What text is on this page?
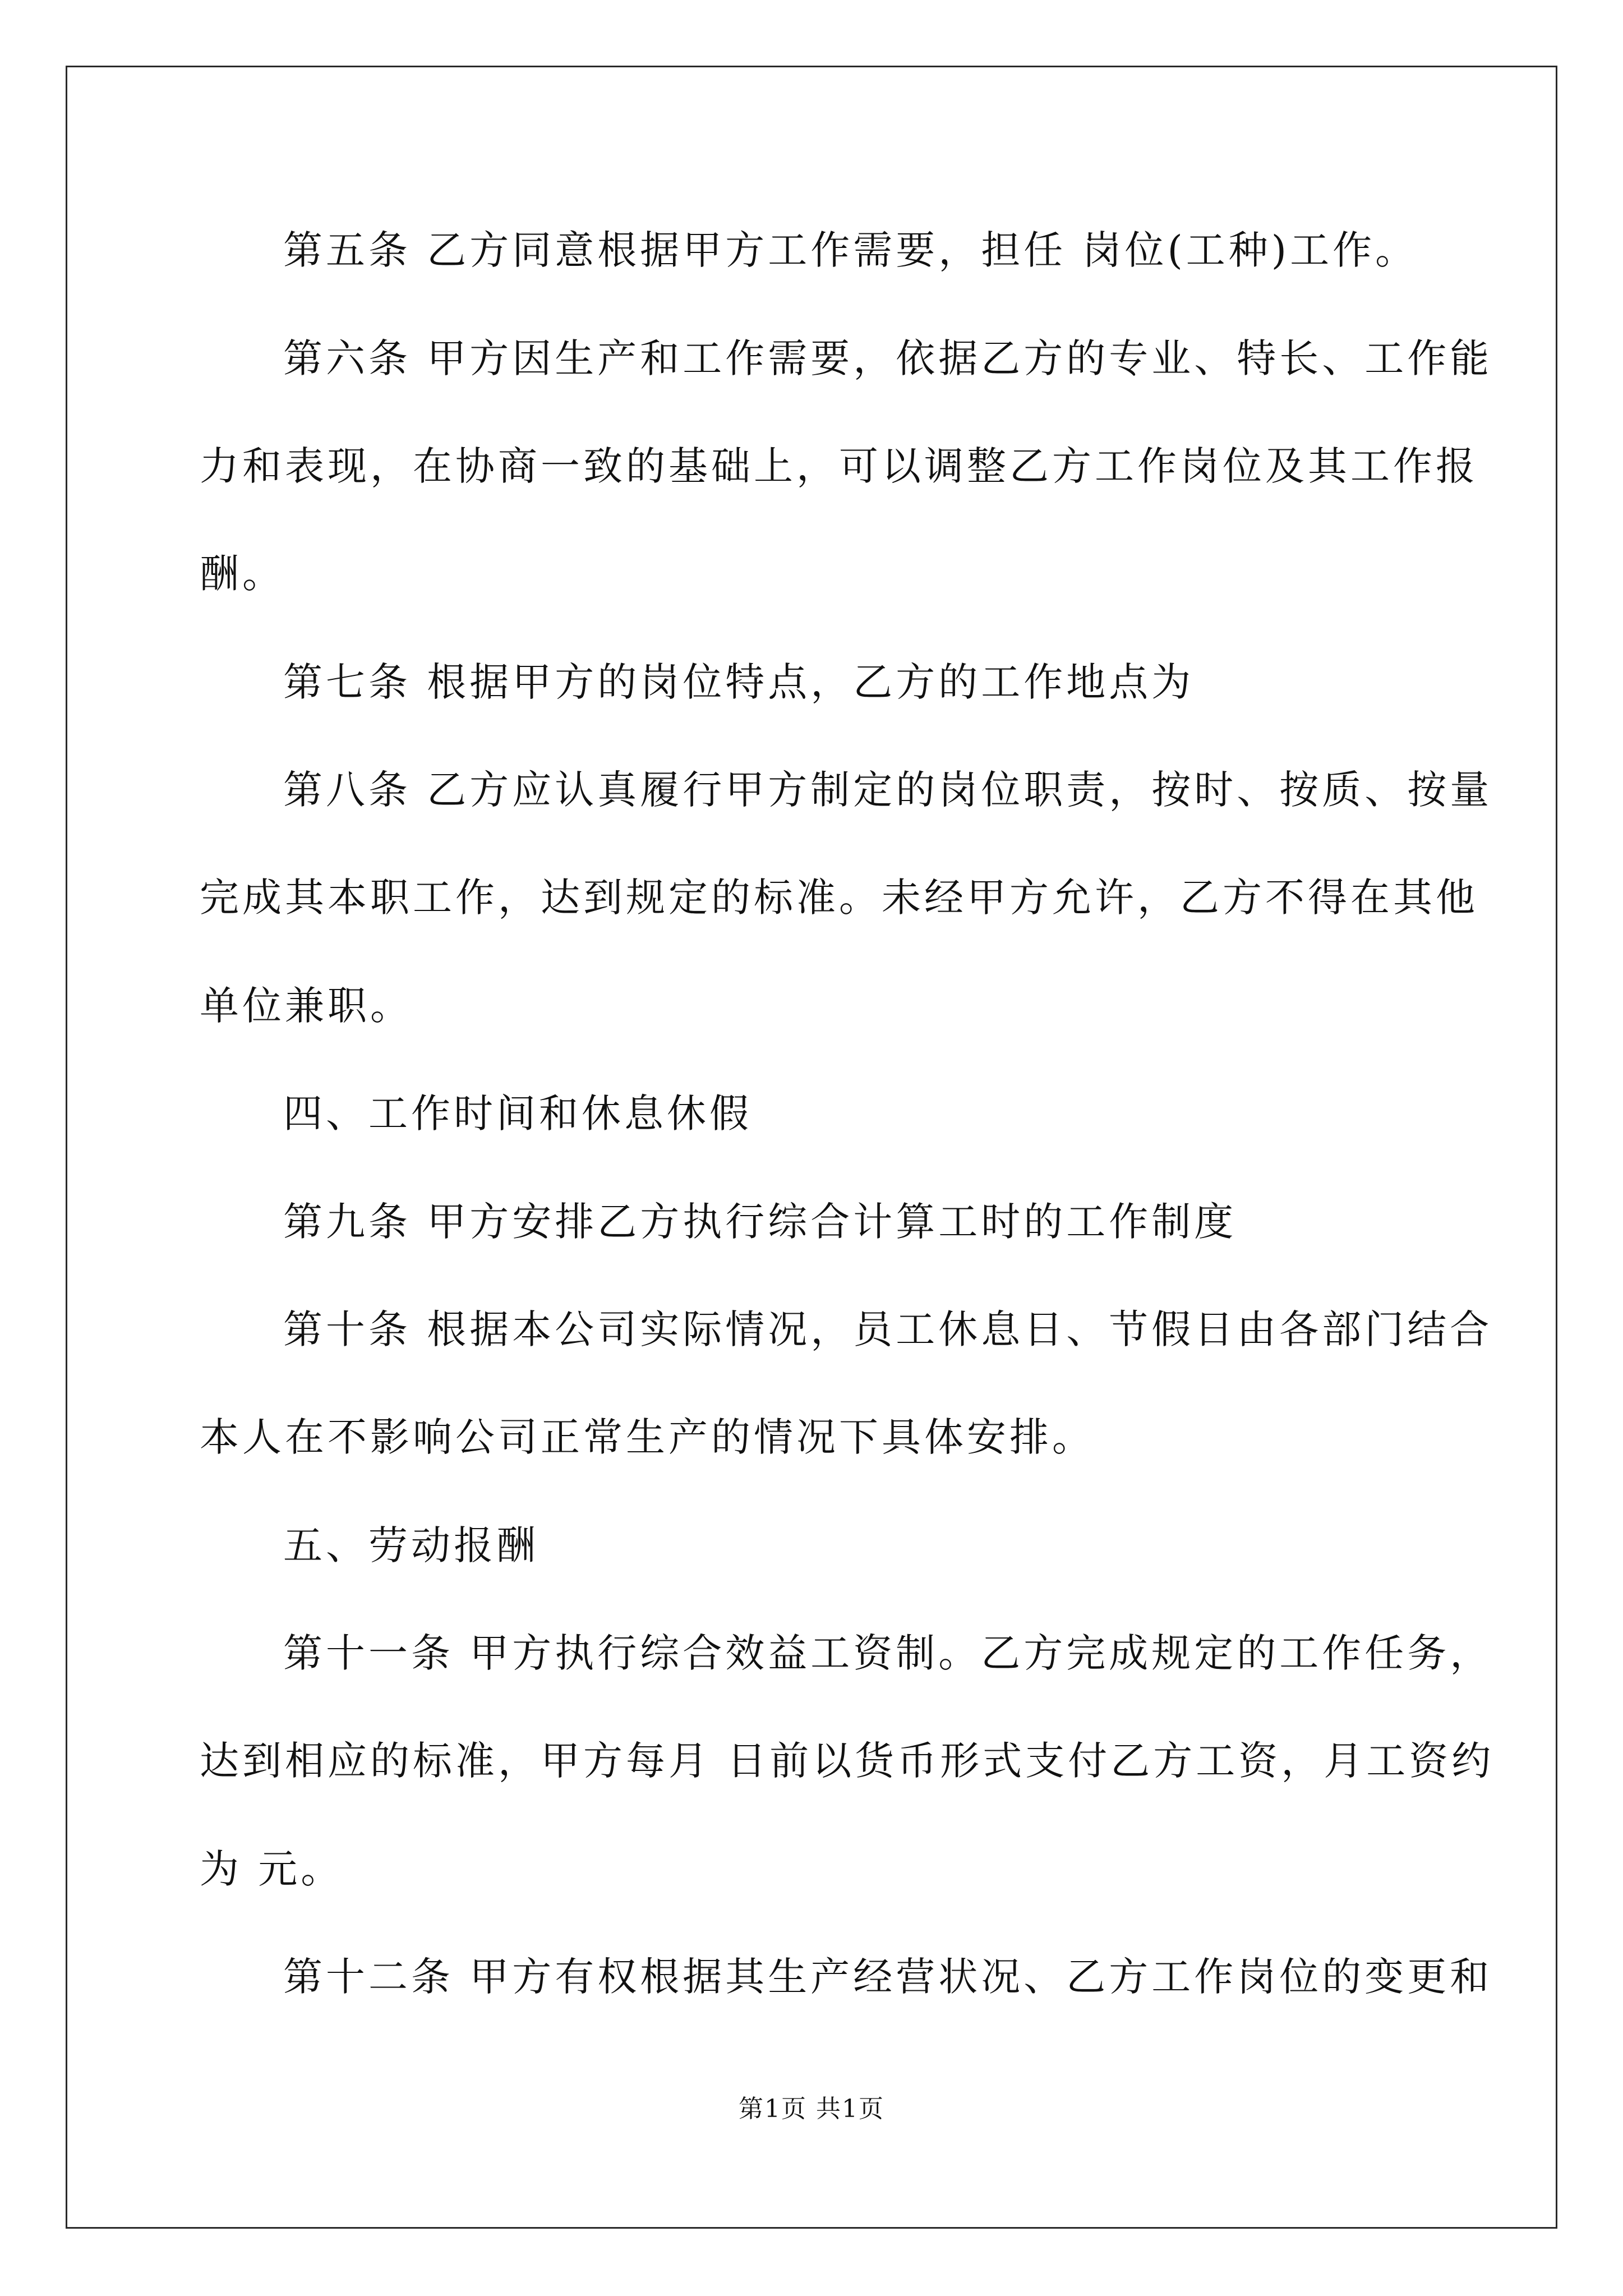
第五条 乙方同意根据甲方工作需要，担任 岗位(工种)工作。
第六条 甲方因生产和工作需要，依据乙方的专业、特长、工作能
力和表现，在协商一致的基础上，可以调整乙方工作岗位及其工作报
酬。
第七条 根据甲方的岗位特点，乙方的工作地点为
第八条 乙方应认真履行甲方制定的岗位职责，按时、按质、按量
完成其本职工作，达到规定的标准。未经甲方允许，乙方不得在其他
单位兼职。
四、工作时间和休息休假
第九条 甲方安排乙方执行综合计算工时的工作制度
第十条 根据本公司实际情况，员工休息日、节假日由各部门结合
本人在不影响公司正常生产的情况下具体安排。
五、劳动报酬
第十一条 甲方执行综合效益工资制。乙方完成规定的工作任务，
达到相应的标准，甲方每月 日前以货币形式支付乙方工资，月工资约
为 元。
第十二条 甲方有权根据其生产经营状况、乙方工作岗位的变更和
第1页 共1页
